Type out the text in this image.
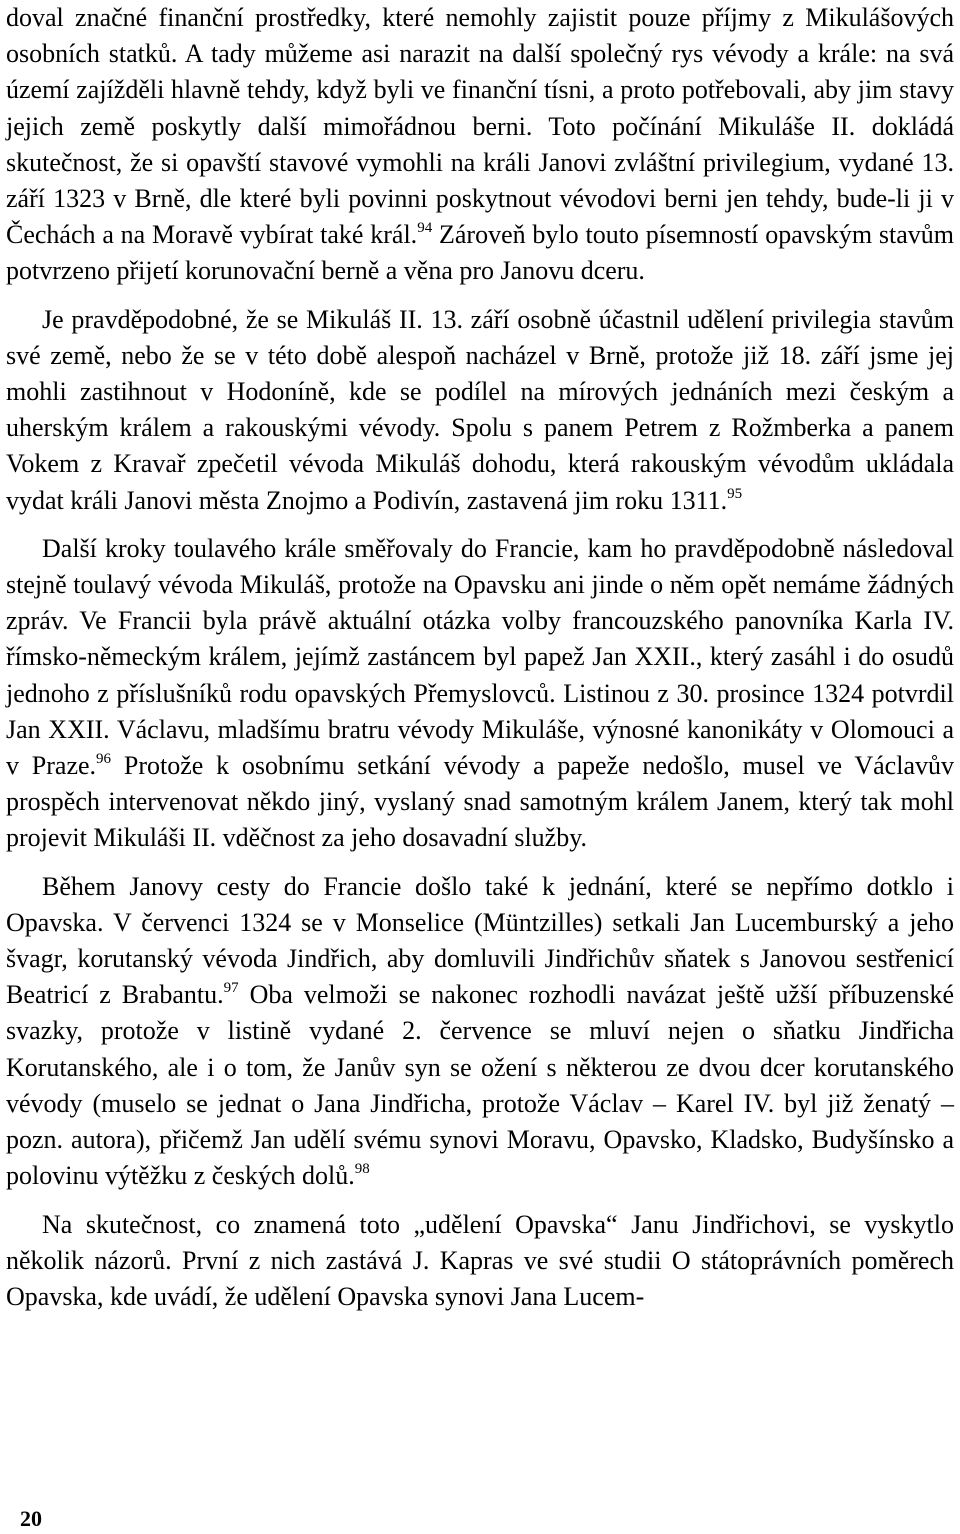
doval značné finanční prostředky, které nemohly zajistit pouze příjmy z Mikulášových osobních statků. A tady můžeme asi narazit na další společný rys vévody a krále: na svá území zajížděli hlavně tehdy, když byli ve finanční tísni, a proto potřebovali, aby jim stavy jejich země poskytly další mimořádnou berni. Toto počínání Mikuláše II. dokládá skutečnost, že si opavští stavové vymohli na králi Janovi zvláštní privilegium, vydané 13. září 1323 v Brně, dle které byli povinni poskytnout vévodovi berni jen tehdy, bude-li ji v Čechách a na Moravě vybírat také král.$^{94}$ Zároveň bylo touto písemností opavským stavům potvrzeno přijetí korunovační berně a věna pro Janovu dceru.

Je pravděpodobné, že se Mikuláš II. 13. září osobně účastnil udělení privilegia stavům své země, nebo že se v této době alespoň nacházel v Brně, protože již 18. září jsme jej mohli zastihnout v Hodoníně, kde se podílel na mírových jednáních mezi českým a uherským králem a rakouskými vévody. Spolu s panem Petrem z Rožmberka a panem Vokem z Kravař zpečetil vévoda Mikuláš dohodu, která rakouským vévodům ukládala vydat králi Janovi města Znojmo a Podivín, zastavená jim roku 1311.95

Další kroky toulavého krále směřovaly do Francie, kam ho pravděpodobně následoval stejně toulavý vévoda Mikuláš, protože na Opavsku ani jinde o něm opět nemáme žádných zpráv. Ve Francii byla právě aktuální otázka volby francouzského panovníka Karla IV. římsko-německým králem, jejímž zastáncem byl papež Jan XXII., který zasáhl i do osudů jednoho z příslušníků rodu opavských Přemyslovců. Listinou z 30. prosince 1324 potvrdil Jan XXII. Václavu, mladšímu bratru vévody Mikuláše, výnosné kanonikáty v Olomouci a v Praze.$^{96}$ Protože k osobnímu setkání vévody a papeže nedošlo, musel ve Václavův prospěch intervenovat někdo jiný, vyslaný snad samotným králem Janem, který tak mohl projevit Mikuláši II. vděčnost za jeho dosavadní služby.

Během Janovy cesty do Francie došlo také k jednání, které se nepřímo dotklo i Opavska. V červenci 1324 se v Monselice (Müntzilles) setkali Jan Lucemburský a jeho švagr, korutanský vévoda Jindřich, aby domluvili Jindřichův sňatek s Janovou sestřenicí Beatricí z Brabantu.$^{97}$ Oba velmoži se nakonec rozhodli navázat ještě užší příbuzenské svazky, protože v listině vydané 2. července se mluví nejen o sňatku Jindřicha Korutanského, ale i o tom, že Janův syn se ožení s některou ze dvou dcer korutanského vévody (muselo se jednat o Jana Jindřicha, protože Václav – Karel IV. byl již ženatý – pozn. autora), přičemž Jan udělí svému synovi Moravu, Opavsko, Kladsko, Budyšínsko a polovinu výtěžku z českých dolů.$^{98}$

Na skutečnost, co znamená toto „udělení Opavska“ Janu Jindřichovi, se vyskytlo několik názorů. První z nich zastává J. Kapras ve své studii O státoprávních poměrech Opavska, kde uvádí, že udělení Opavska synovi Jana Lucem-

20
